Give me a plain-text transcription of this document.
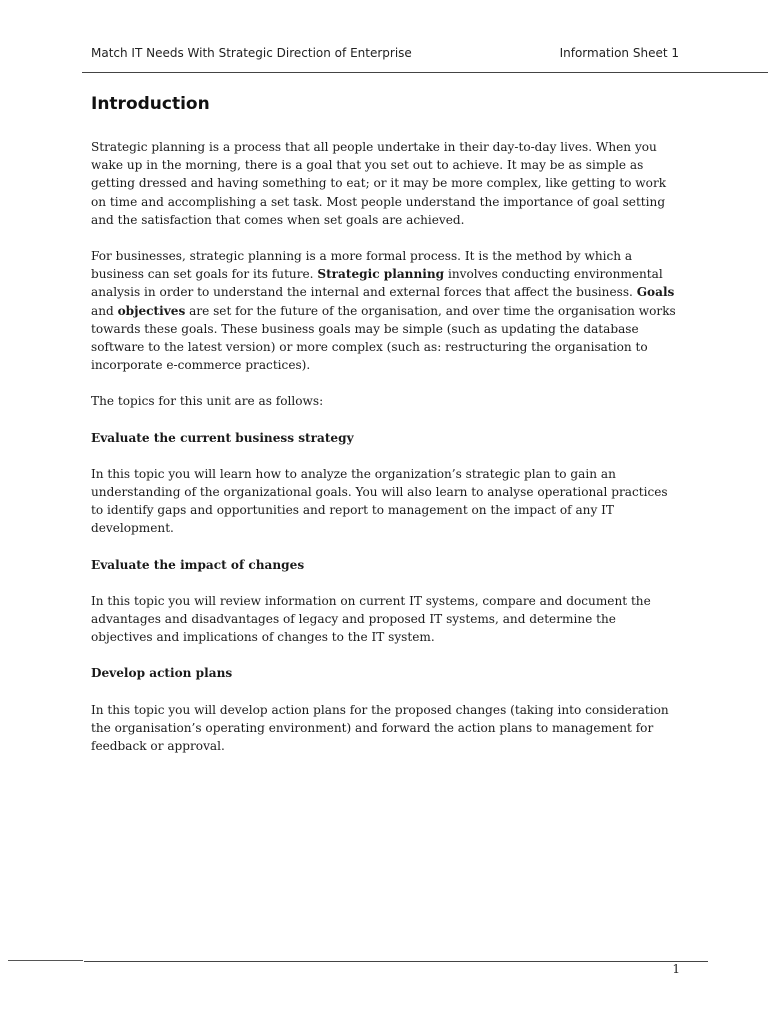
Match IT Needs With Strategic Direction of Enterprise	Information Sheet 1
Introduction

Strategic planning is a process that all people undertake in their day-to-day lives. When you wake up in the morning, there is a goal that you set out to achieve. It may be as simple as getting dressed and having something to eat; or it may be more complex, like getting to work on time and accomplishing a set task. Most people understand the importance of goal setting and the satisfaction that comes when set goals are achieved.

For businesses, strategic planning is a more formal process. It is the method by which a business can set goals for its future. Strategic planning involves conducting environmental analysis in order to understand the internal and external forces that affect the business. Goals and objectives are set for the future of the organisation, and over time the organisation works towards these goals. These business goals may be simple (such as updating the database software to the latest version) or more complex (such as: restructuring the organisation to incorporate e-commerce practices).

The topics for this unit are as follows:

Evaluate the current business strategy

In this topic you will learn how to analyze the organization’s strategic plan to gain an understanding of the organizational goals. You will also learn to analyse operational practices to identify gaps and opportunities and report to management on the impact of any IT development.

Evaluate the impact of changes

In this topic you will review information on current IT systems, compare and document the advantages and disadvantages of legacy and proposed IT systems, and determine the objectives and implications of changes to the IT system.

Develop action plans

In this topic you will develop action plans for the proposed changes (taking into consideration the organisation’s operating environment) and forward the action plans to management for feedback or approval.

1
